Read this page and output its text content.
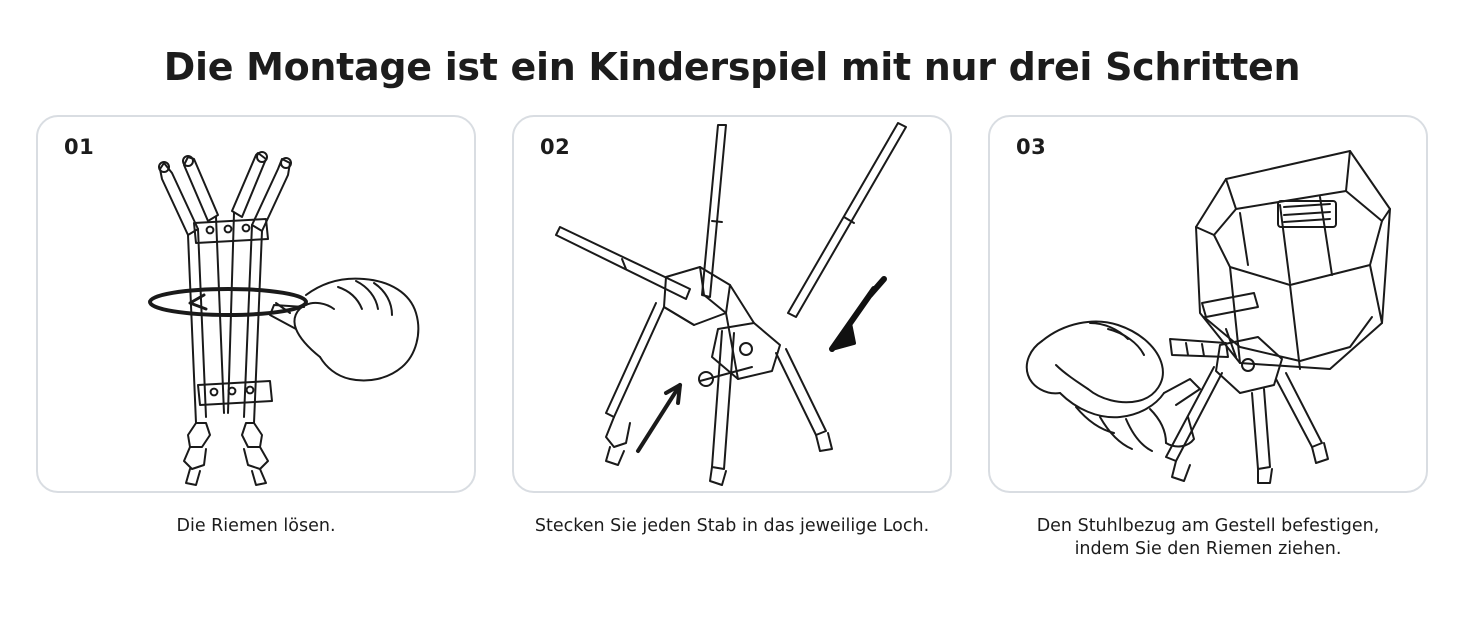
Die Montage ist ein Kinderspiel mit nur drei Schritten
01
Die Riemen lösen.
02
Stecken Sie jeden Stab in das jeweilige Loch.
03
Den Stuhlbezug am Gestell befestigen,
indem Sie den Riemen ziehen.
